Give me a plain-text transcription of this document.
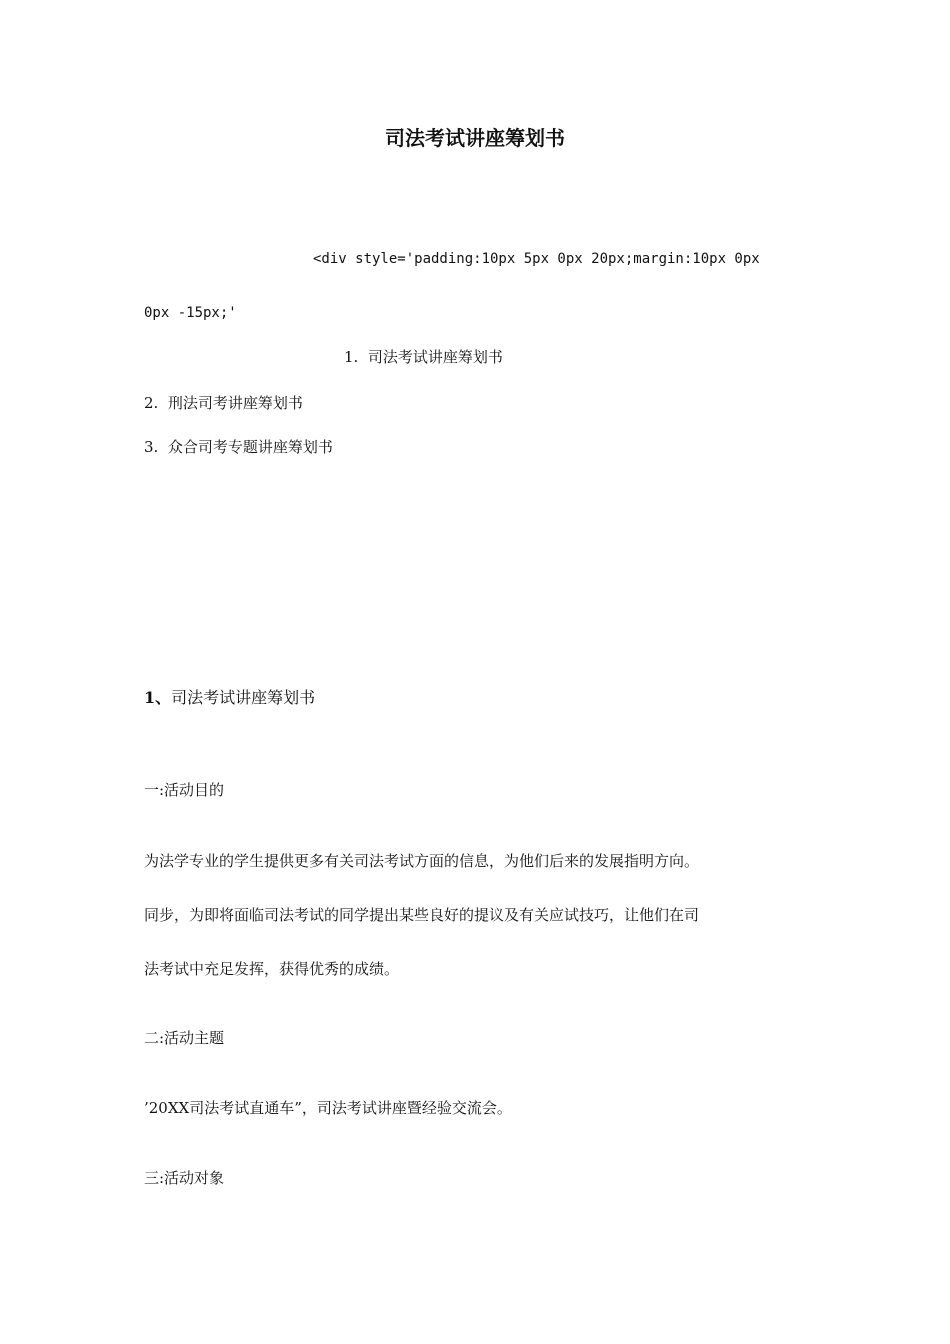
司法考试讲座筹划书

<div style='padding:10px 5px 0px 20px;margin:10px 0px

0px -15px;'

1. 司法考试讲座筹划书

2. 刑法司考讲座筹划书

3. 众合司考专题讲座筹划书

1、司法考试讲座筹划书

一:活动目的

为法学专业的学生提供更多有关司法考试方面的信息，为他们后来的发展指明方向。

同步，为即将面临司法考试的同学提出某些良好的提议及有关应试技巧，让他们在司

法考试中充足发挥，获得优秀的成绩。

二:活动主题

’20XX司法考试直通车”，司法考试讲座暨经验交流会。

三:活动对象
